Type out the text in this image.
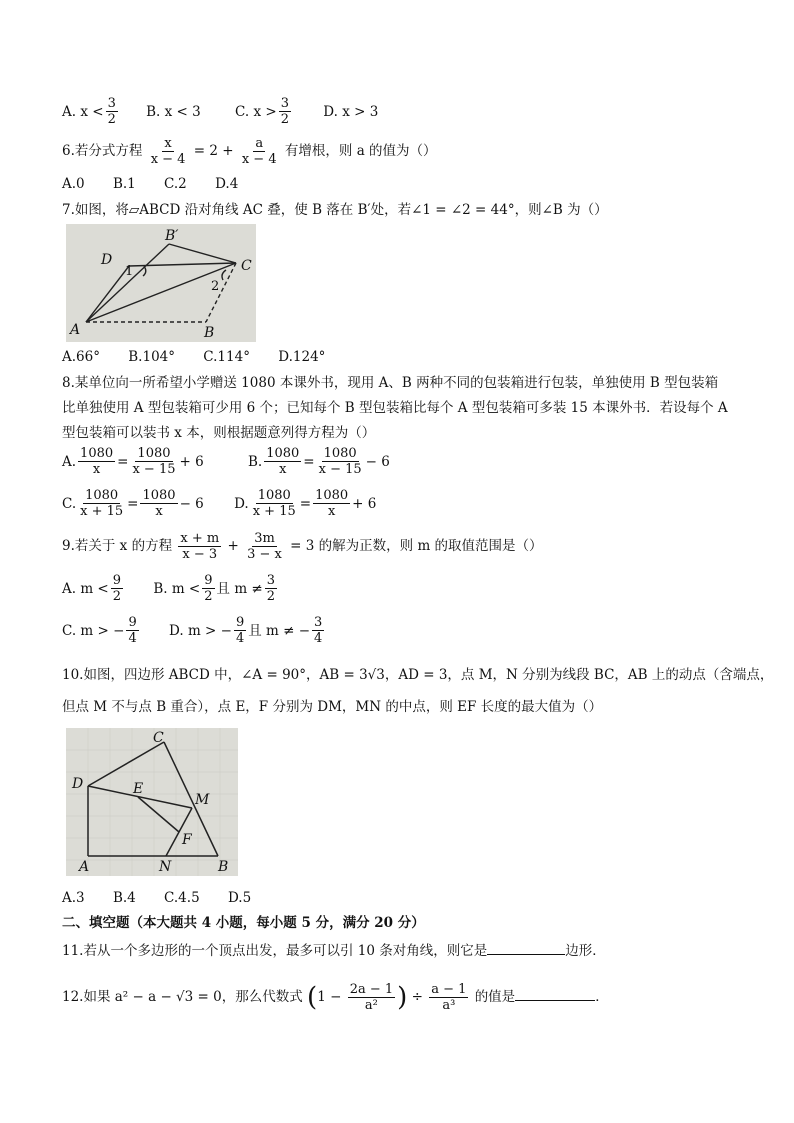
A. $x < \frac{3}{2} B$. x < 3	C. $x > \frac{3}{2} D$. x > 3
6.若分式方程 $\frac{x}{x - 4} = 2 + \frac{a}{x - 4}$ 有增根，则 a 的值为（）
A.0 B.1 C.2 D.4
7.如图，将▱ABCD 沿对角线 AC 叠，使 B 落在 B′处，若∠1 = ∠2 = 44°，则∠B 为（）
B′
D
1	C
2
A	B
A.66° B.104° C.114° D.124°
8.某单位向一所希望小学赠送 1080 本课外书，现用 A、B 两种不同的包装箱进行包装，单独使用 B 型包装箱
比单独使用 A 型包装箱可少用 6 个；已知每个 B 型包装箱比每个 A 型包装箱可多装 15 本课外书．若设每个 A
型包装箱可以装书 x 本，则根据题意列得方程为（）
A. $\frac{1080}{x} = \frac{1080}{x - 15} + 6$
	B. $\frac{1080}{x} = \frac{1080}{x - 15} - 6$
C. $\frac{1080}{x + 15} = \frac{1080}{x} - 6$
D. $\frac{1080}{x + 15} = \frac{1080}{x} + 6$
9.若关于 x 的方程 $\frac{x + m}{x - 3} + \frac{3m}{3 - x} = 3$ 的解为正数，则 m 的取值范围是（）
A. $m < \frac{9}{2}$
B. $m < \frac{9}{2}$ 且 $m \ne \frac{3}{2}$
C. m > − $\frac{9}{4}$
D. m > − $\frac{9}{4}$ 且 m ≠ − $\frac{3}{4}$
10.如图，四边形 ABCD 中，∠A = 90°，AB = 3√3，AD = 3，点 M，N 分别为线段 BC，AB 上的动点（含端点，
但点 M 不与点 B 重合），点 E，F 分别为 DM，MN 的中点，则 EF 长度的最大值为（）
C
D	E
M
F
A	N	B
A.3 B.4 C.4.5 D.5
二、填空题（本大题共 4 小题，每小题 5 分，满分 20 分）
11.若从一个多边形的一个顶点出发，最多可以引 10 条对角线，则它是	边形．
12.如果 a² − a − √3 = 0，那么代数式 ($1 - \frac{2a - 1}{\text{a²}}$ ) ÷ $\frac{a - 1}{\text{a³}}$ 的值是	．
